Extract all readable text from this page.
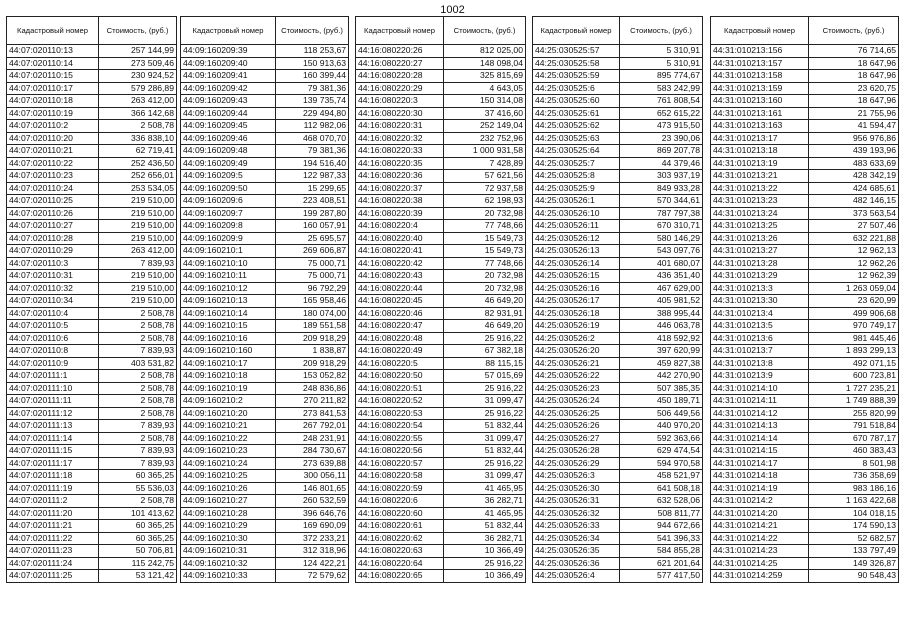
1002
Кадастровый номер	Стоимость, (руб.)
44:07:020110:13	257 144,99
44:07:020110:14	273 509,46
44:07:020110:15	230 924,52
44:07:020110:17	579 286,89
44:07:020110:18	263 412,00
44:07:020110:19	366 142,68
44:07:020110:2	2 508,78
44:07:020110:20	336 838,10
44:07:020110:21	62 719,41
44:07:020110:22	252 436,50
44:07:020110:23	252 656,01
44:07:020110:24	253 534,05
44:07:020110:25	219 510,00
44:07:020110:26	219 510,00
44:07:020110:27	219 510,00
44:07:020110:28	219 510,00
44:07:020110:29	263 412,00
44:07:020110:3	7 839,93
44:07:020110:31	219 510,00
44:07:020110:32	219 510,00
44:07:020110:34	219 510,00
44:07:020110:4	2 508,78
44:07:020110:5	2 508,78
44:07:020110:6	2 508,78
44:07:020110:8	7 839,93
44:07:020110:9	403 531,82
44:07:020111:1	2 508,78
44:07:020111:10	2 508,78
44:07:020111:11	2 508,78
44:07:020111:12	2 508,78
44:07:020111:13	7 839,93
44:07:020111:14	2 508,78
44:07:020111:15	7 839,93
44:07:020111:17	7 839,93
44:07:020111:18	60 365,25
44:07:020111:19	55 536,03
44:07:020111:2	2 508,78
44:07:020111:20	101 413,62
44:07:020111:21	60 365,25
44:07:020111:22	60 365,25
44:07:020111:23	50 706,81
44:07:020111:24	115 242,75
44:07:020111:25	53 121,42
Кадастровый номер	Стоимость, (руб.)
44:09:160209:39	118 253,67
44:09:160209:40	150 913,63
44:09:160209:41	160 399,44
44:09:160209:42	79 381,36
44:09:160209:43	139 735,74
44:09:160209:44	229 494,80
44:09:160209:45	112 982,06
44:09:160209:46	468 070,70
44:09:160209:48	79 381,36
44:09:160209:49	194 516,40
44:09:160209:5	122 987,33
44:09:160209:50	15 299,65
44:09:160209:6	223 408,51
44:09:160209:7	199 287,80
44:09:160209:8	160 057,91
44:09:160209:9	25 695,57
44:09:160210:1	269 606,87
44:09:160210:10	75 000,71
44:09:160210:11	75 000,71
44:09:160210:12	96 792,29
44:09:160210:13	165 958,46
44:09:160210:14	180 074,00
44:09:160210:15	189 551,58
44:09:160210:16	209 918,29
44:09:160210:160	1 838,87
44:09:160210:17	209 918,29
44:09:160210:18	153 052,82
44:09:160210:19	248 836,86
44:09:160210:2	270 211,82
44:09:160210:20	273 841,53
44:09:160210:21	267 792,01
44:09:160210:22	248 231,91
44:09:160210:23	284 730,67
44:09:160210:24	273 639,88
44:09:160210:25	300 056,11
44:09:160210:26	146 801,65
44:09:160210:27	260 532,59
44:09:160210:28	396 646,76
44:09:160210:29	169 690,09
44:09:160210:30	372 233,21
44:09:160210:31	312 318,96
44:09:160210:32	124 422,21
44:09:160210:33	72 579,62
Кадастровый номер	Стоимость, (руб.)
44:16:080220:26	812 025,00
44:16:080220:27	148 098,04
44:16:080220:28	325 815,69
44:16:080220:29	4 643,05
44:16:080220:3	150 314,08
44:16:080220:30	37 416,60
44:16:080220:31	252 149,04
44:16:080220:32	232 752,96
44:16:080220:33	1 000 931,58
44:16:080220:35	7 428,89
44:16:080220:36	57 621,56
44:16:080220:37	72 937,58
44:16:080220:38	62 198,93
44:16:080220:39	20 732,98
44:16:080220:4	77 748,66
44:16:080220:40	15 549,73
44:16:080220:41	15 549,73
44:16:080220:42	77 748,66
44:16:080220:43	20 732,98
44:16:080220:44	20 732,98
44:16:080220:45	46 649,20
44:16:080220:46	82 931,91
44:16:080220:47	46 649,20
44:16:080220:48	25 916,22
44:16:080220:49	67 382,18
44:16:080220:5	88 115,15
44:16:080220:50	57 015,69
44:16:080220:51	25 916,22
44:16:080220:52	31 099,47
44:16:080220:53	25 916,22
44:16:080220:54	51 832,44
44:16:080220:55	31 099,47
44:16:080220:56	51 832,44
44:16:080220:57	25 916,22
44:16:080220:58	31 099,47
44:16:080220:59	41 465,95
44:16:080220:6	36 282,71
44:16:080220:60	41 465,95
44:16:080220:61	51 832,44
44:16:080220:62	36 282,71
44:16:080220:63	10 366,49
44:16:080220:64	25 916,22
44:16:080220:65	10 366,49
Кадастровый номер	Стоимость, (руб.)
44:25:030525:57	5 310,91
44:25:030525:58	5 310,91
44:25:030525:59	895 774,67
44:25:030525:6	583 242,99
44:25:030525:60	761 808,54
44:25:030525:61	652 615,22
44:25:030525:62	473 915,50
44:25:030525:63	23 390,06
44:25:030525:64	869 207,78
44:25:030525:7	44 379,46
44:25:030525:8	303 937,19
44:25:030525:9	849 933,28
44:25:030526:1	570 344,61
44:25:030526:10	787 797,38
44:25:030526:11	670 310,71
44:25:030526:12	580 146,29
44:25:030526:13	543 097,76
44:25:030526:14	401 680,07
44:25:030526:15	436 351,40
44:25:030526:16	467 629,00
44:25:030526:17	405 981,52
44:25:030526:18	388 995,44
44:25:030526:19	446 063,78
44:25:030526:2	418 592,92
44:25:030526:20	397 620,99
44:25:030526:21	459 827,38
44:25:030526:22	442 270,90
44:25:030526:23	507 385,35
44:25:030526:24	450 189,71
44:25:030526:25	506 449,56
44:25:030526:26	440 970,20
44:25:030526:27	592 363,66
44:25:030526:28	629 474,54
44:25:030526:29	594 970,58
44:25:030526:3	458 521,97
44:25:030526:30	641 508,18
44:25:030526:31	632 528,06
44:25:030526:32	508 811,77
44:25:030526:33	944 672,66
44:25:030526:34	541 396,33
44:25:030526:35	584 855,28
44:25:030526:36	621 201,64
44:25:030526:4	577 417,50
Кадастровый номер	Стоимость, (руб.)
44:31:010213:156	76 714,65
44:31:010213:157	18 647,96
44:31:010213:158	18 647,96
44:31:010213:159	23 620,75
44:31:010213:160	18 647,96
44:31:010213:161	21 755,96
44:31:010213:163	41 594,47
44:31:010213:17	956 976,86
44:31:010213:18	439 193,96
44:31:010213:19	483 633,69
44:31:010213:21	428 342,19
44:31:010213:22	424 685,61
44:31:010213:23	482 146,15
44:31:010213:24	373 563,54
44:31:010213:25	27 507,46
44:31:010213:26	632 221,88
44:31:010213:27	12 962,13
44:31:010213:28	12 962,26
44:31:010213:29	12 962,39
44:31:010213:3	1 263 059,04
44:31:010213:30	23 620,99
44:31:010213:4	499 906,68
44:31:010213:5	970 749,17
44:31:010213:6	981 445,46
44:31:010213:7	1 893 299,13
44:31:010213:8	492 071,15
44:31:010213:9	600 723,81
44:31:010214:10	1 727 235,21
44:31:010214:11	1 749 888,39
44:31:010214:12	255 820,99
44:31:010214:13	791 518,84
44:31:010214:14	670 787,17
44:31:010214:15	460 383,43
44:31:010214:17	8 501,98
44:31:010214:18	736 358,69
44:31:010214:19	983 186,16
44:31:010214:2	1 163 422,68
44:31:010214:20	104 018,15
44:31:010214:21	174 590,13
44:31:010214:22	52 682,57
44:31:010214:23	133 797,49
44:31:010214:25	149 326,87
44:31:010214:259	90 548,43
